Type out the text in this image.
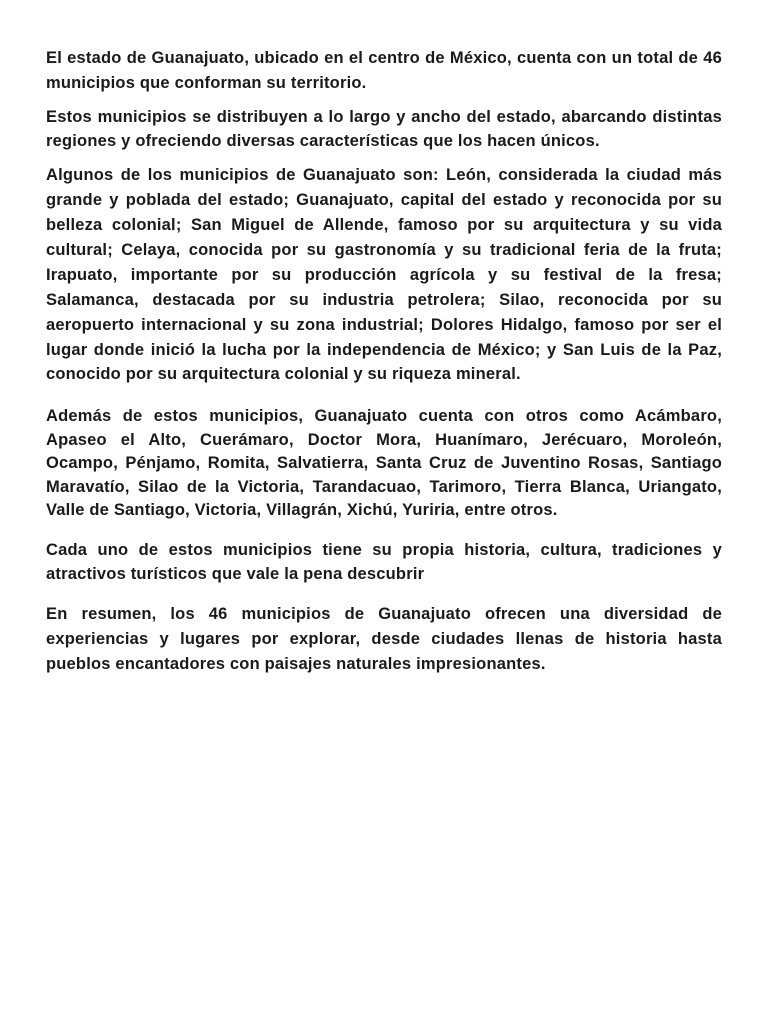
El estado de Guanajuato, ubicado en el centro de México, cuenta con un total de 46 municipios que conforman su territorio.

Estos municipios se distribuyen a lo largo y ancho del estado, abarcando distintas regiones y ofreciendo diversas características que los hacen únicos.

Algunos de los municipios de Guanajuato son: León, considerada la ciudad más grande y poblada del estado; Guanajuato, capital del estado y reconocida por su belleza colonial; San Miguel de Allende, famoso por su arquitectura y su vida cultural; Celaya, conocida por su gastronomía y su tradicional feria de la fruta; Irapuato, importante por su producción agrícola y su festival de la fresa; Salamanca, destacada por su industria petrolera; Silao, reconocida por su aeropuerto internacional y su zona industrial; Dolores Hidalgo, famoso por ser el lugar donde inició la lucha por la independencia de México; y San Luis de la Paz, conocido por su arquitectura colonial y su riqueza mineral.

Además de estos municipios, Guanajuato cuenta con otros como Acámbaro, Apaseo el Alto, Cuerámaro, Doctor Mora, Huanímaro, Jerécuaro, Moroleón, Ocampo, Pénjamo, Romita, Salvatierra, Santa Cruz de Juventino Rosas, Santiago Maravatío, Silao de la Victoria, Tarandacuao, Tarimoro, Tierra Blanca, Uriangato, Valle de Santiago, Victoria, Villagrán, Xichú, Yuriria, entre otros.

Cada uno de estos municipios tiene su propia historia, cultura, tradiciones y atractivos turísticos que vale la pena descubrir

En resumen, los 46 municipios de Guanajuato ofrecen una diversidad de experiencias y lugares por explorar, desde ciudades llenas de historia hasta pueblos encantadores con paisajes naturales impresionantes.
